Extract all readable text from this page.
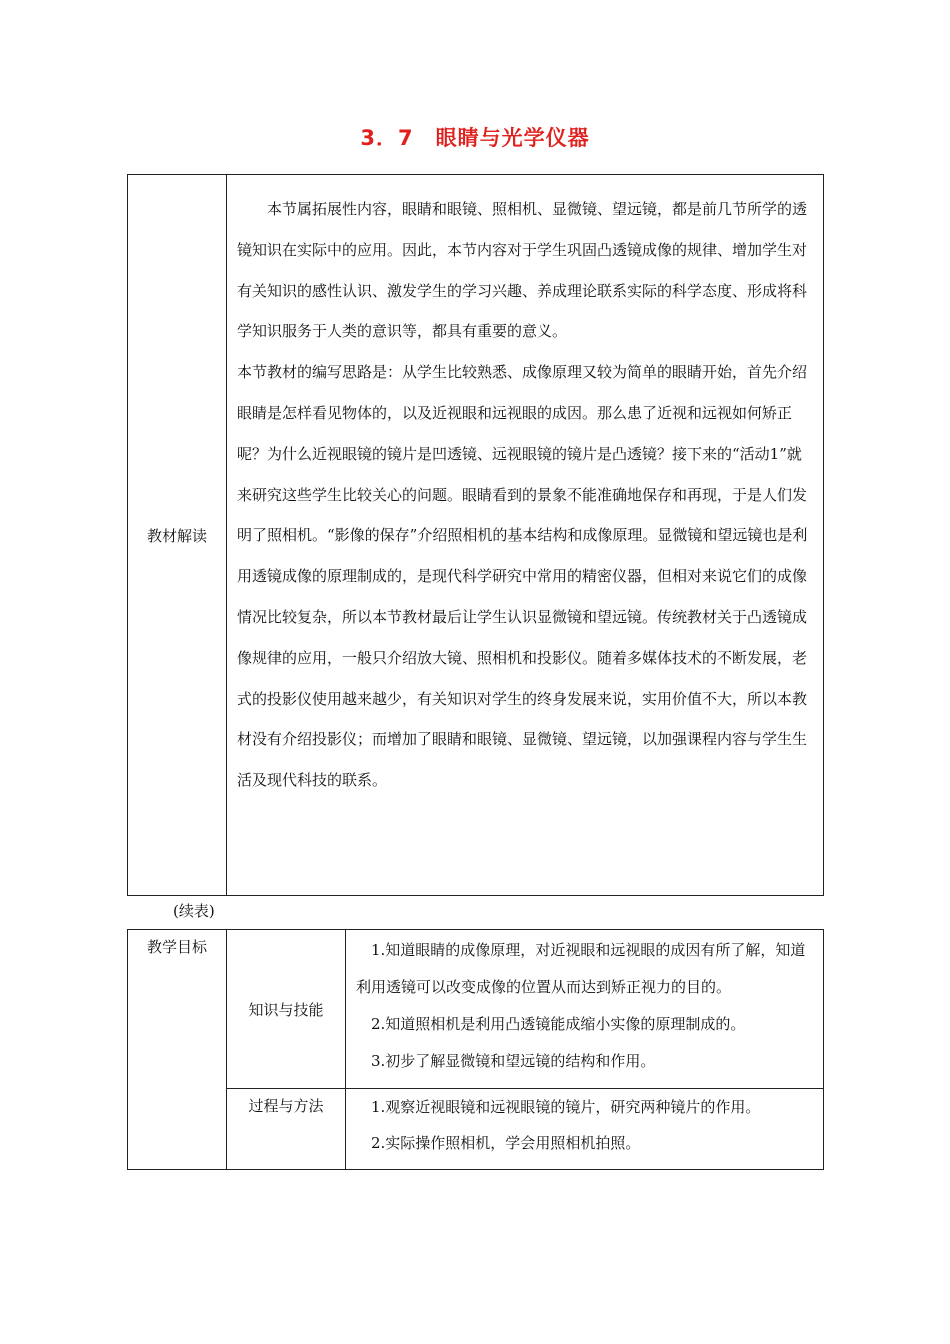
3．7　眼睛与光学仪器
教材解读	

本节属拓展性内容，眼睛和眼镜、照相机、显微镜、望远镜，都是前几节所学的透镜知识在实际中的应用。因此，本节内容对于学生巩固凸透镜成像的规律、增加学生对有关知识的感性认识、激发学生的学习兴趣、养成理论联系实际的科学态度、形成将科学知识服务于人类的意识等，都具有重要的意义。

本节教材的编写思路是：从学生比较熟悉、成像原理又较为简单的眼睛开始，首先介绍眼睛是怎样看见物体的，以及近视眼和远视眼的成因。那么患了近视和远视如何矫正呢？为什么近视眼镜的镜片是凹透镜、远视眼镜的镜片是凸透镜？接下来的“活动1”就来研究这些学生比较关心的问题。眼睛看到的景象不能准确地保存和再现，于是人们发明了照相机。“影像的保存”介绍照相机的基本结构和成像原理。显微镜和望远镜也是利用透镜成像的原理制成的，是现代科学研究中常用的精密仪器，但相对来说它们的成像情况比较复杂，所以本节教材最后让学生认识显微镜和望远镜。传统教材关于凸透镜成像规律的应用，一般只介绍放大镜、照相机和投影仪。随着多媒体技术的不断发展，老式的投影仪使用越来越少，有关知识对学生的终身发展来说，实用价值不大，所以本教材没有介绍投影仪；而增加了眼睛和眼镜、显微镜、望远镜，以加强课程内容与学生生活及现代科技的联系。

(续表)
教学目标	知识与技能	1.知道眼睛的成像原理，对近视眼和远视眼的成因有所了解，知道利用透镜可以改变成像的位置从而达到矫正视力的目的。

2.知道照相机是利用凸透镜能成缩小实像的原理制成的。

3.初步了解显微镜和望远镜的结构和作用。

	过程与方法	1.观察近视眼镜和远视眼镜的镜片，研究两种镜片的作用。

2.实际操作照相机，学会用照相机拍照。
